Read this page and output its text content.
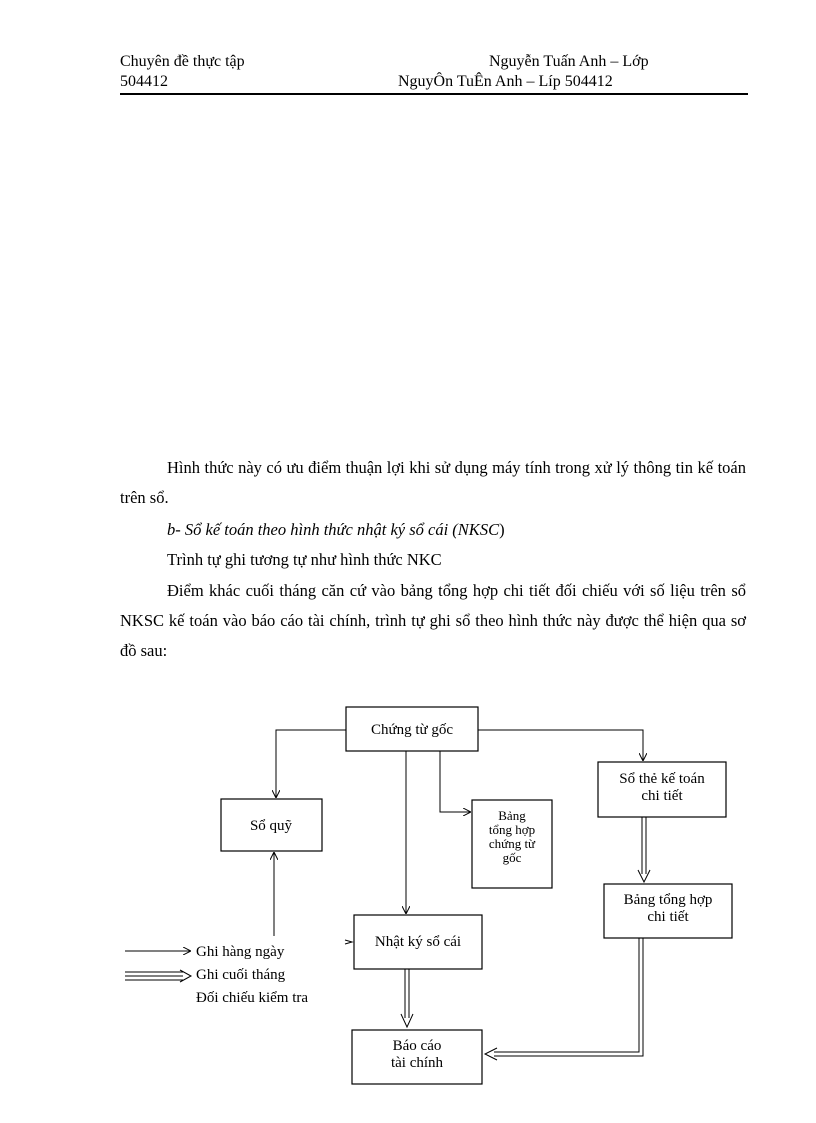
Chuyên đề thực tập
504412
Nguyễn Tuấn Anh – Lớp
NguyÔn TuÊn Anh – Líp 504412
Hình thức này có ưu điểm thuận lợi khi sử dụng máy tính trong xử lý thông tin kế toán trên sổ.
b- Sổ kế toán theo hình thức nhật ký sổ cái (NKSC)
Trình tự ghi tương tự như hình thức NKC
Điểm khác cuối tháng căn cứ vào bảng tổng hợp chi tiết đối chiếu với số liệu trên sổ NKSC kế toán vào báo cáo tài chính, trình tự ghi sổ theo hình thức này được thể hiện qua sơ đồ sau:
Chứng từ gốc
Sổ quỹ
Bảng
tổng hợp
chứng từ
gốc
Sổ thẻ kế toán
chi tiết
Bảng tổng hợp
chi tiết
Nhật ký sổ cái
Báo cáo
tài chính
Ghi hàng ngày
Ghi cuối tháng
Đối chiếu kiểm tra
